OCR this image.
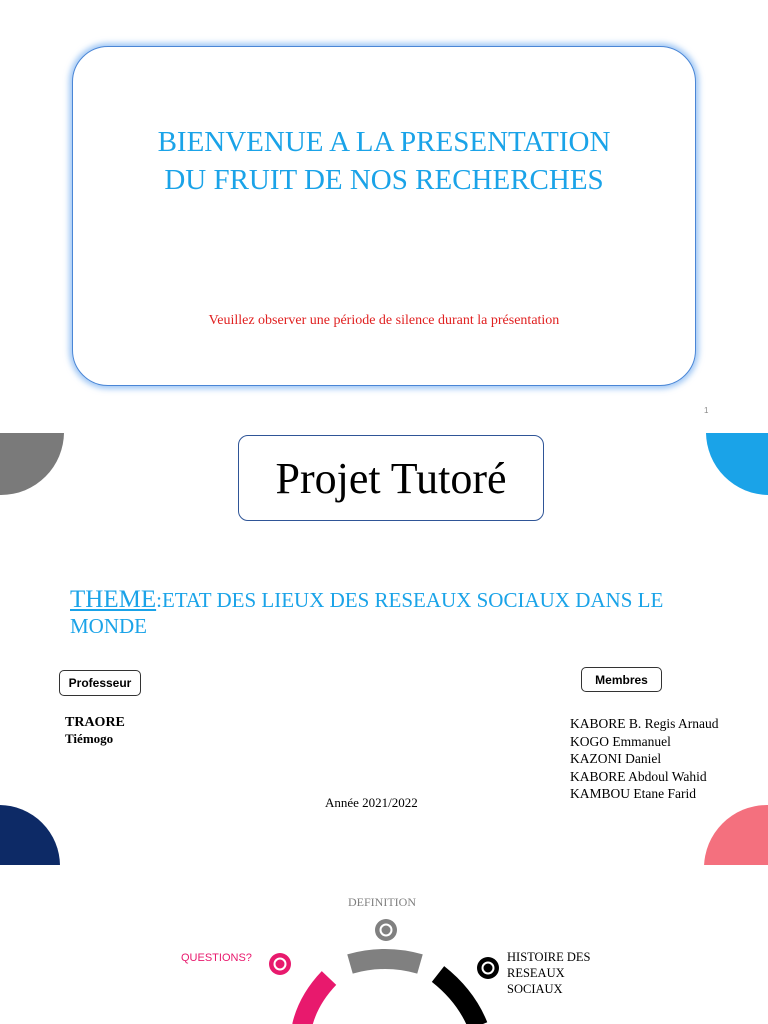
BIENVENUE A LA PRESENTATION
DU FRUIT DE NOS RECHERCHES
Veuillez observer une période de silence durant la présentation
1
Projet Tutoré
THEME:ETAT DES LIEUX DES RESEAUX SOCIAUX DANS LE MONDE
Professeur	Membres
TRAORE
Tiémogo
KABORE B. Regis Arnaud
KOGO Emmanuel
KAZONI Daniel
KABORE Abdoul Wahid
KAMBOU Etane Farid
Année 2021/2022
DEFINITION
QUESTIONS?	HISTOIRE DES RESEAUX SOCIAUX
